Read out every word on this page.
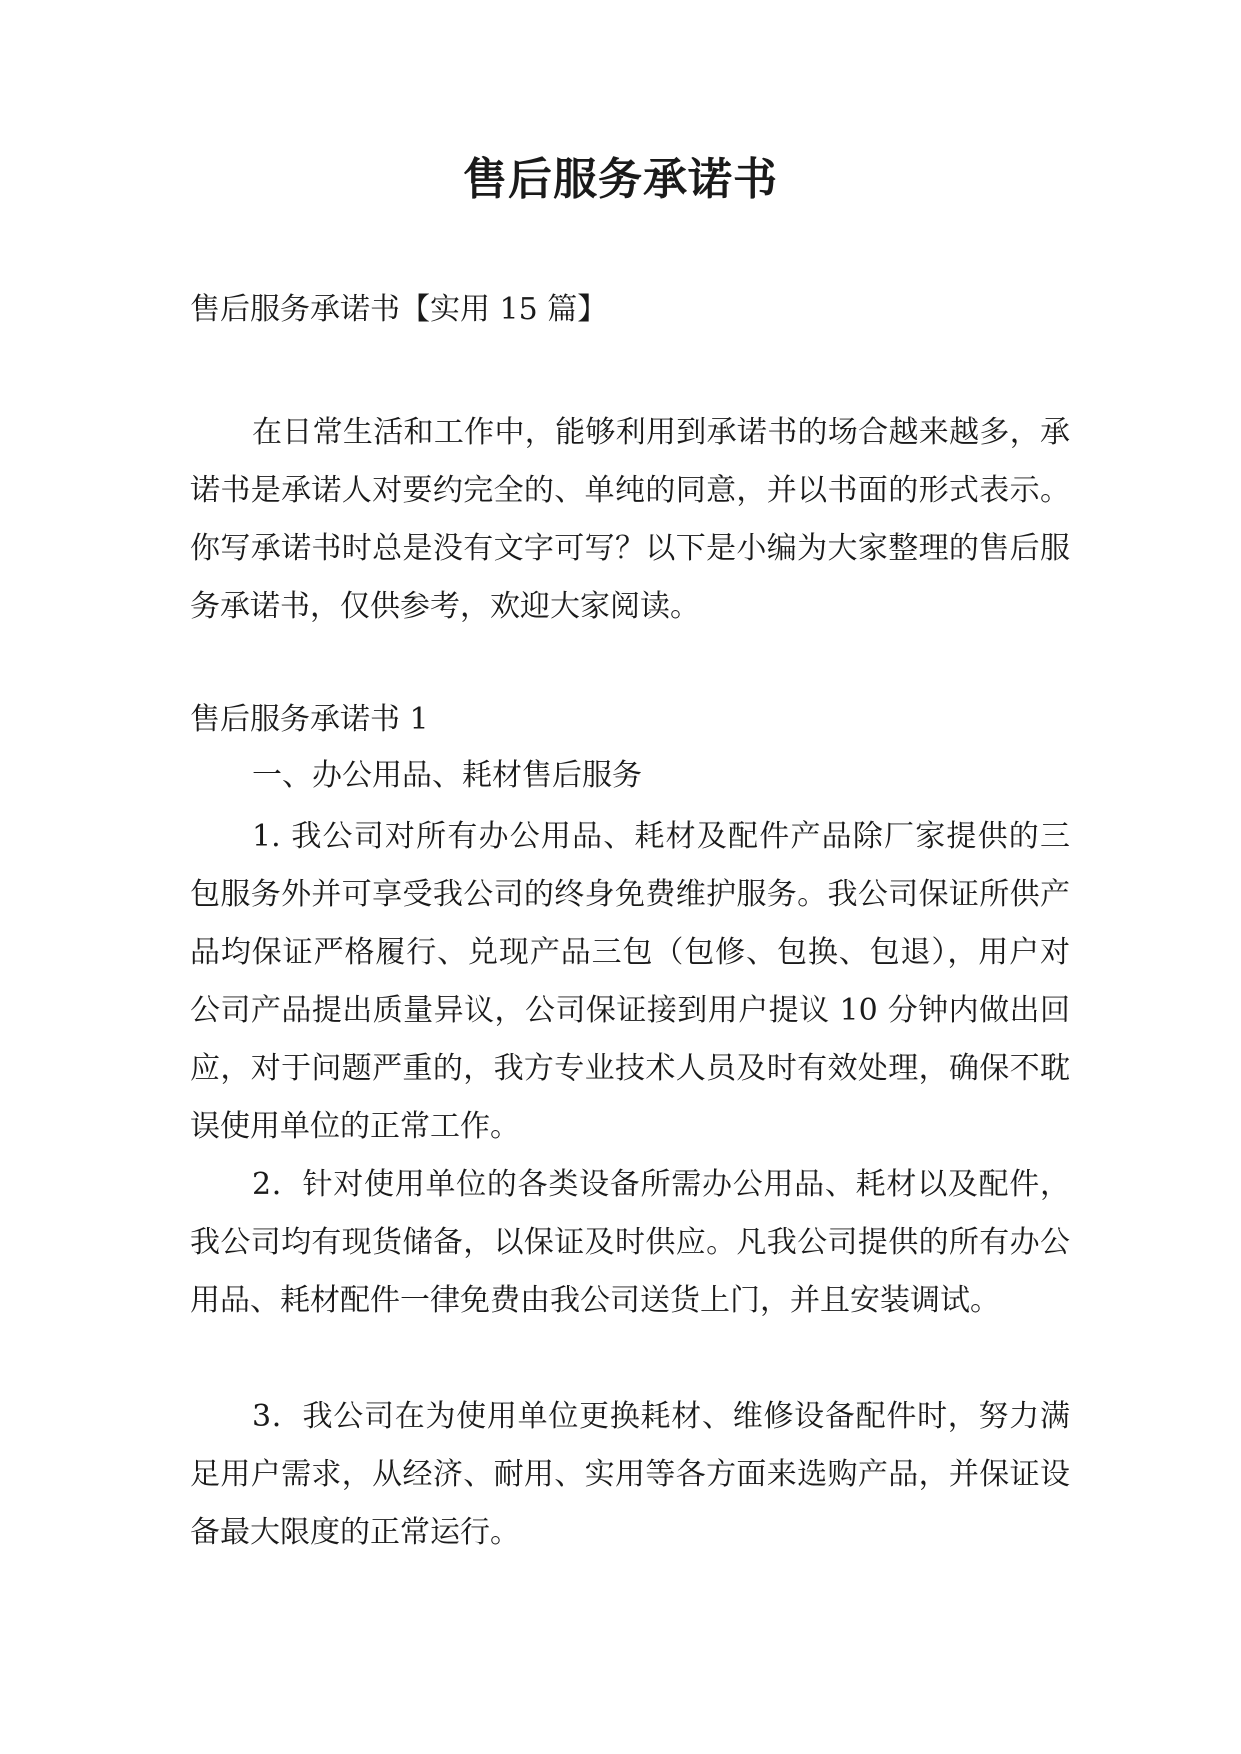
售后服务承诺书

售后服务承诺书【实用 15 篇】

在日常生活和工作中，能够利用到承诺书的场合越来越多，承诺书是承诺人对要约完全的、单纯的同意，并以书面的形式表示。你写承诺书时总是没有文字可写？以下是小编为大家整理的售后服务承诺书，仅供参考，欢迎大家阅读。

售后服务承诺书 1

一、办公用品、耗材售后服务

1. 我公司对所有办公用品、耗材及配件产品除厂家提供的三包服务外并可享受我公司的终身免费维护服务。我公司保证所供产品均保证严格履行、兑现产品三包（包修、包换、包退），用户对公司产品提出质量异议，公司保证接到用户提议 10 分钟内做出回应，对于问题严重的，我方专业技术人员及时有效处理，确保不耽误使用单位的正常工作。

2．针对使用单位的各类设备所需办公用品、耗材以及配件，我公司均有现货储备，以保证及时供应。凡我公司提供的所有办公用品、耗材配件一律免费由我公司送货上门，并且安装调试。

3．我公司在为使用单位更换耗材、维修设备配件时，努力满足用户需求，从经济、耐用、实用等各方面来选购产品，并保证设备最大限度的正常运行。
